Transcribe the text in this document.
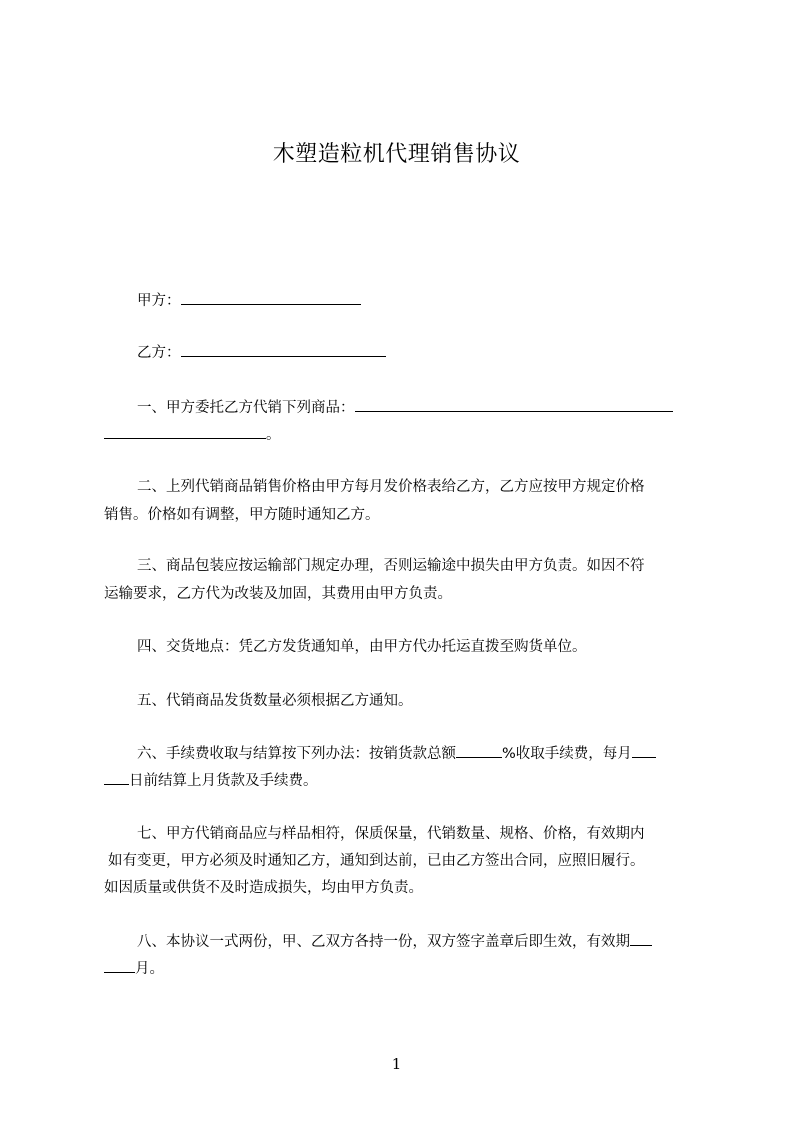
木塑造粒机代理销售协议
甲方：
乙方：
一、甲方委托乙方代销下列商品：
。
二、上列代销商品销售价格由甲方每月发价格表给乙方，乙方应按甲方规定价格
销售。价格如有调整，甲方随时通知乙方。
三、商品包装应按运输部门规定办理，否则运输途中损失由甲方负责。如因不符
运输要求，乙方代为改装及加固，其费用由甲方负责。
四、交货地点：凭乙方发货通知单，由甲方代办托运直拨至购货单位。
五、代销商品发货数量必须根据乙方通知。
六、手续费收取与结算按下列办法：按销货款总额	%收取手续费，每月
日前结算上月货款及手续费。
七、甲方代销商品应与样品相符，保质保量，代销数量、规格、价格，有效期内
如有变更，甲方必须及时通知乙方，通知到达前，已由乙方签出合同，应照旧履行。
如因质量或供货不及时造成损失，均由甲方负责。
八、本协议一式两份，甲、乙双方各持一份，双方签字盖章后即生效，有效期
月。
1
